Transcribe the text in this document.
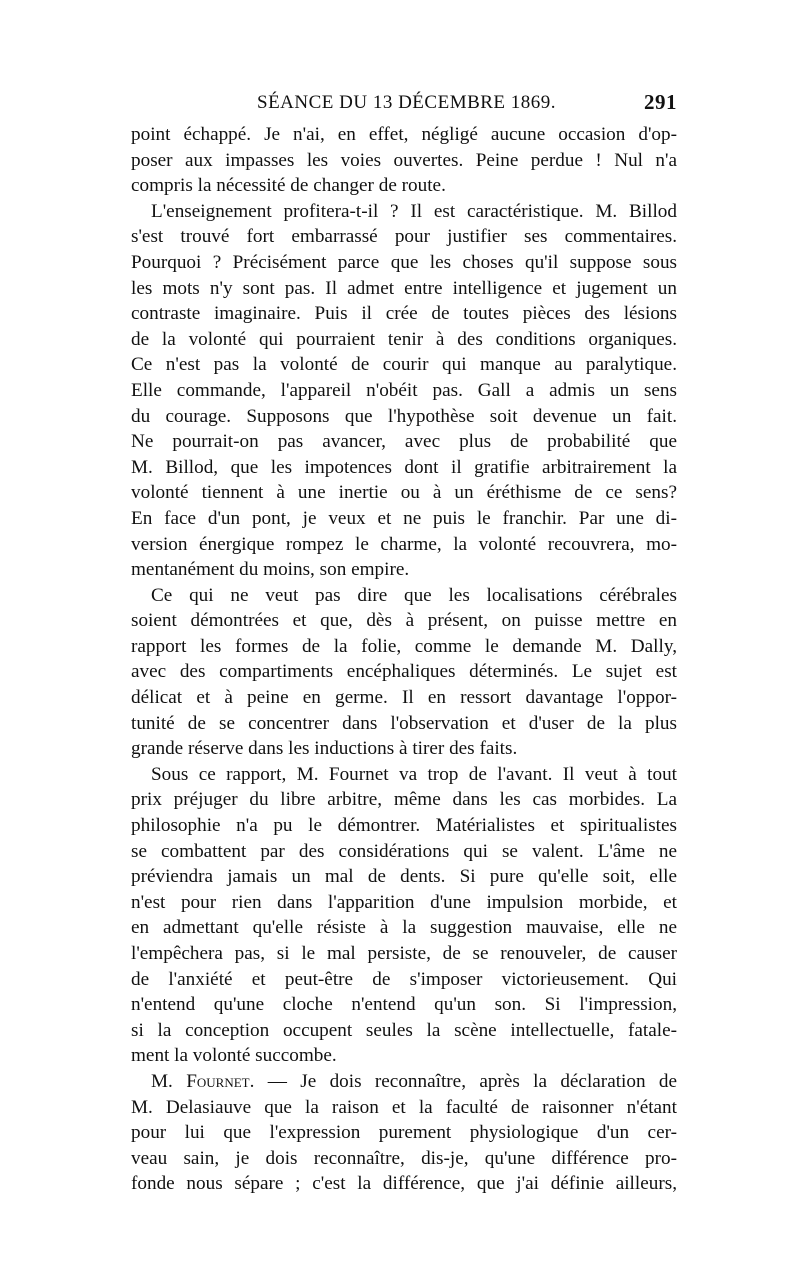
SÉANCE DU 13 DÉCEMBRE 1869.	291
point échappé. Je n'ai, en effet, négligé aucune occasion d'op-
poser aux impasses les voies ouvertes. Peine perdue ! Nul n'a
compris la nécessité de changer de route.
L'enseignement profitera-t-il ? Il est caractéristique. M. Billod
s'est trouvé fort embarrassé pour justifier ses commentaires.
Pourquoi ? Précisément parce que les choses qu'il suppose sous
les mots n'y sont pas. Il admet entre intelligence et jugement un
contraste imaginaire. Puis il crée de toutes pièces des lésions
de la volonté qui pourraient tenir à des conditions organiques.
Ce n'est pas la volonté de courir qui manque au paralytique.
Elle commande, l'appareil n'obéit pas. Gall a admis un sens
du courage. Supposons que l'hypothèse soit devenue un fait.
Ne pourrait-on pas avancer, avec plus de probabilité que
M. Billod, que les impotences dont il gratifie arbitrairement la
volonté tiennent à une inertie ou à un éréthisme de ce sens?
En face d'un pont, je veux et ne puis le franchir. Par une di-
version énergique rompez le charme, la volonté recouvrera, mo-
mentanément du moins, son empire.
Ce qui ne veut pas dire que les localisations cérébrales
soient démontrées et que, dès à présent, on puisse mettre en
rapport les formes de la folie, comme le demande M. Dally,
avec des compartiments encéphaliques déterminés. Le sujet est
délicat et à peine en germe. Il en ressort davantage l'oppor-
tunité de se concentrer dans l'observation et d'user de la plus
grande réserve dans les inductions à tirer des faits.
Sous ce rapport, M. Fournet va trop de l'avant. Il veut à tout
prix préjuger du libre arbitre, même dans les cas morbides. La
philosophie n'a pu le démontrer. Matérialistes et spiritualistes
se combattent par des considérations qui se valent. L'âme ne
préviendra jamais un mal de dents. Si pure qu'elle soit, elle
n'est pour rien dans l'apparition d'une impulsion morbide, et
en admettant qu'elle résiste à la suggestion mauvaise, elle ne
l'empêchera pas, si le mal persiste, de se renouveler, de causer
de l'anxiété et peut-être de s'imposer victorieusement. Qui
n'entend qu'une cloche n'entend qu'un son. Si l'impression,
si la conception occupent seules la scène intellectuelle, fatale-
ment la volonté succombe.
M. Fournet. — Je dois reconnaître, après la déclaration de
M. Delasiauve que la raison et la faculté de raisonner n'étant
pour lui que l'expression purement physiologique d'un cer-
veau sain, je dois reconnaître, dis-je, qu'une différence pro-
fonde nous sépare ; c'est la différence, que j'ai définie ailleurs,
